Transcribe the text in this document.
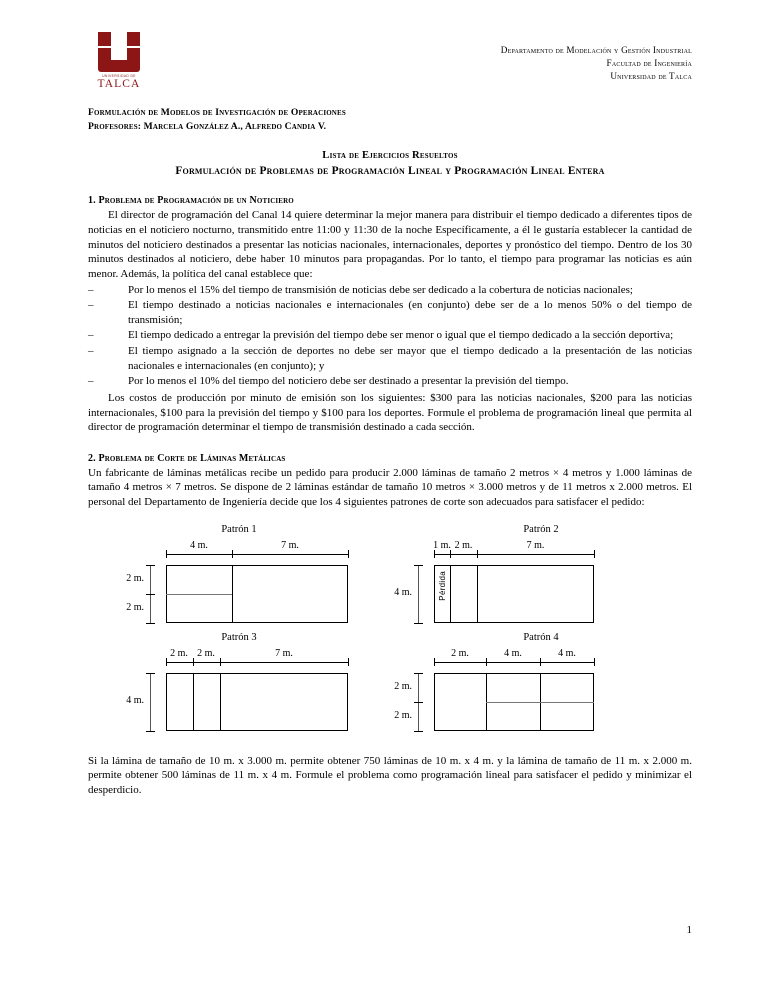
UNIVERSIDAD DE
TALCA
Departamento de Modelación y Gestión Industrial
Facultad de Ingeniería
Universidad de Talca
Formulación de Modelos de Investigación de Operaciones
Profesores: Marcela González A., Alfredo Candia V.
Lista de Ejercicios Resueltos
Formulación de Problemas de Programación Lineal y Programación Lineal Entera
1. Problema de Programación de un Noticiero

El director de programación del Canal 14 quiere determinar la mejor manera para distribuir el tiempo dedicado a diferentes tipos de noticias en el noticiero nocturno, transmitido entre 11:00 y 11:30 de la noche Específicamente, a él le gustaría establecer la cantidad de minutos del noticiero destinados a presentar las noticias nacionales, internacionales, deportes y pronóstico del tiempo. Dentro de los 30 minutos destinados al noticiero, debe haber 10 minutos para propagandas. Por lo tanto, el tiempo para programar las noticias es aún menor. Además, la política del canal establece que:

–	Por lo menos el 15% del tiempo de transmisión de noticias debe ser dedicado a la cobertura de noticias nacionales;
–	El tiempo destinado a noticias nacionales e internacionales (en conjunto) debe ser de a lo menos 50% o del tiempo de transmisión;
–	El tiempo dedicado a entregar la previsión del tiempo debe ser menor o igual que el tiempo dedicado a la sección deportiva;
–	El tiempo asignado a la sección de deportes no debe ser mayor que el tiempo dedicado a la presentación de las noticias nacionales e internacionales (en conjunto); y
–	Por lo menos el 10% del tiempo del noticiero debe ser destinado a presentar la previsión del tiempo.

Los costos de producción por minuto de emisión son los siguientes: $300 para las noticias nacionales, $200 para las noticias internacionales, $100 para la previsión del tiempo y $100 para los deportes. Formule el problema de programación lineal que permita al director de programación determinar el tiempo de transmisión destinado a cada sección.

2. Problema de Corte de Láminas Metálicas

Un fabricante de láminas metálicas recibe un pedido para producir 2.000 láminas de tamaño 2 metros × 4 metros y 1.000 láminas de tamaño 4 metros × 7 metros. Se dispone de 2 láminas estándar de tamaño 10 metros × 3.000 metros y de 11 metros x 2.000 metros. El personal del Departamento de Ingeniería decide que los 4 siguientes patrones de corte son adecuados para satisfacer el pedido:

Patrón 1
4 m.	7 m.
2 m.
2 m.
Patrón 2
1 m. 2 m.	7 m.
4 m.	Pérdida
Patrón 3
2 m. 2 m.	7 m.
4 m.
Patrón 4
2 m.	4 m.	4 m.
2 m.
2 m.

Si la lámina de tamaño de 10 m. x 3.000 m. permite obtener 750 láminas de 10 m. x 4 m. y la lámina de tamaño de 11 m. x 2.000 m. permite obtener 500 láminas de 11 m. x 4 m. Formule el problema como programación lineal para satisfacer el pedido y minimizar el desperdicio.

1
